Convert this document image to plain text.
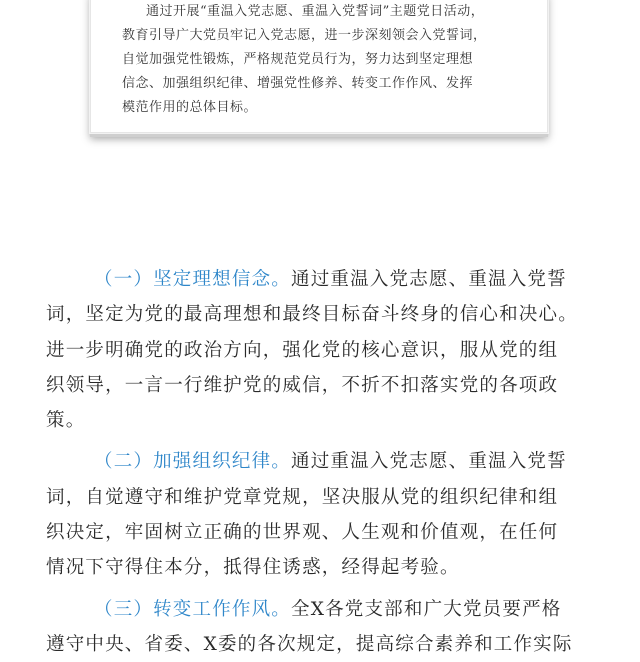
通过开展“重温入党志愿、重温入党誓词”主题党日活动，
教育引导广大党员牢记入党志愿，进一步深刻领会入党誓词，
自觉加强党性锻炼，严格规范党员行为，努力达到坚定理想
信念、加强组织纪律、增强党性修养、转变工作作风、发挥
模范作用的总体目标。
（一）坚定理想信念。通过重温入党志愿、重温入党誓
词，坚定为党的最高理想和最终目标奋斗终身的信心和决心。
进一步明确党的政治方向，强化党的核心意识，服从党的组
织领导，一言一行维护党的威信，不折不扣落实党的各项政
策。
（二）加强组织纪律。通过重温入党志愿、重温入党誓
词，自觉遵守和维护党章党规，坚决服从党的组织纪律和组
织决定，牢固树立正确的世界观、人生观和价值观，在任何
情况下守得住本分，抵得住诱惑，经得起考验。
（三）转变工作作风。全X各党支部和广大党员要严格
遵守中央、省委、X委的各次规定，提高综合素养和工作实际
